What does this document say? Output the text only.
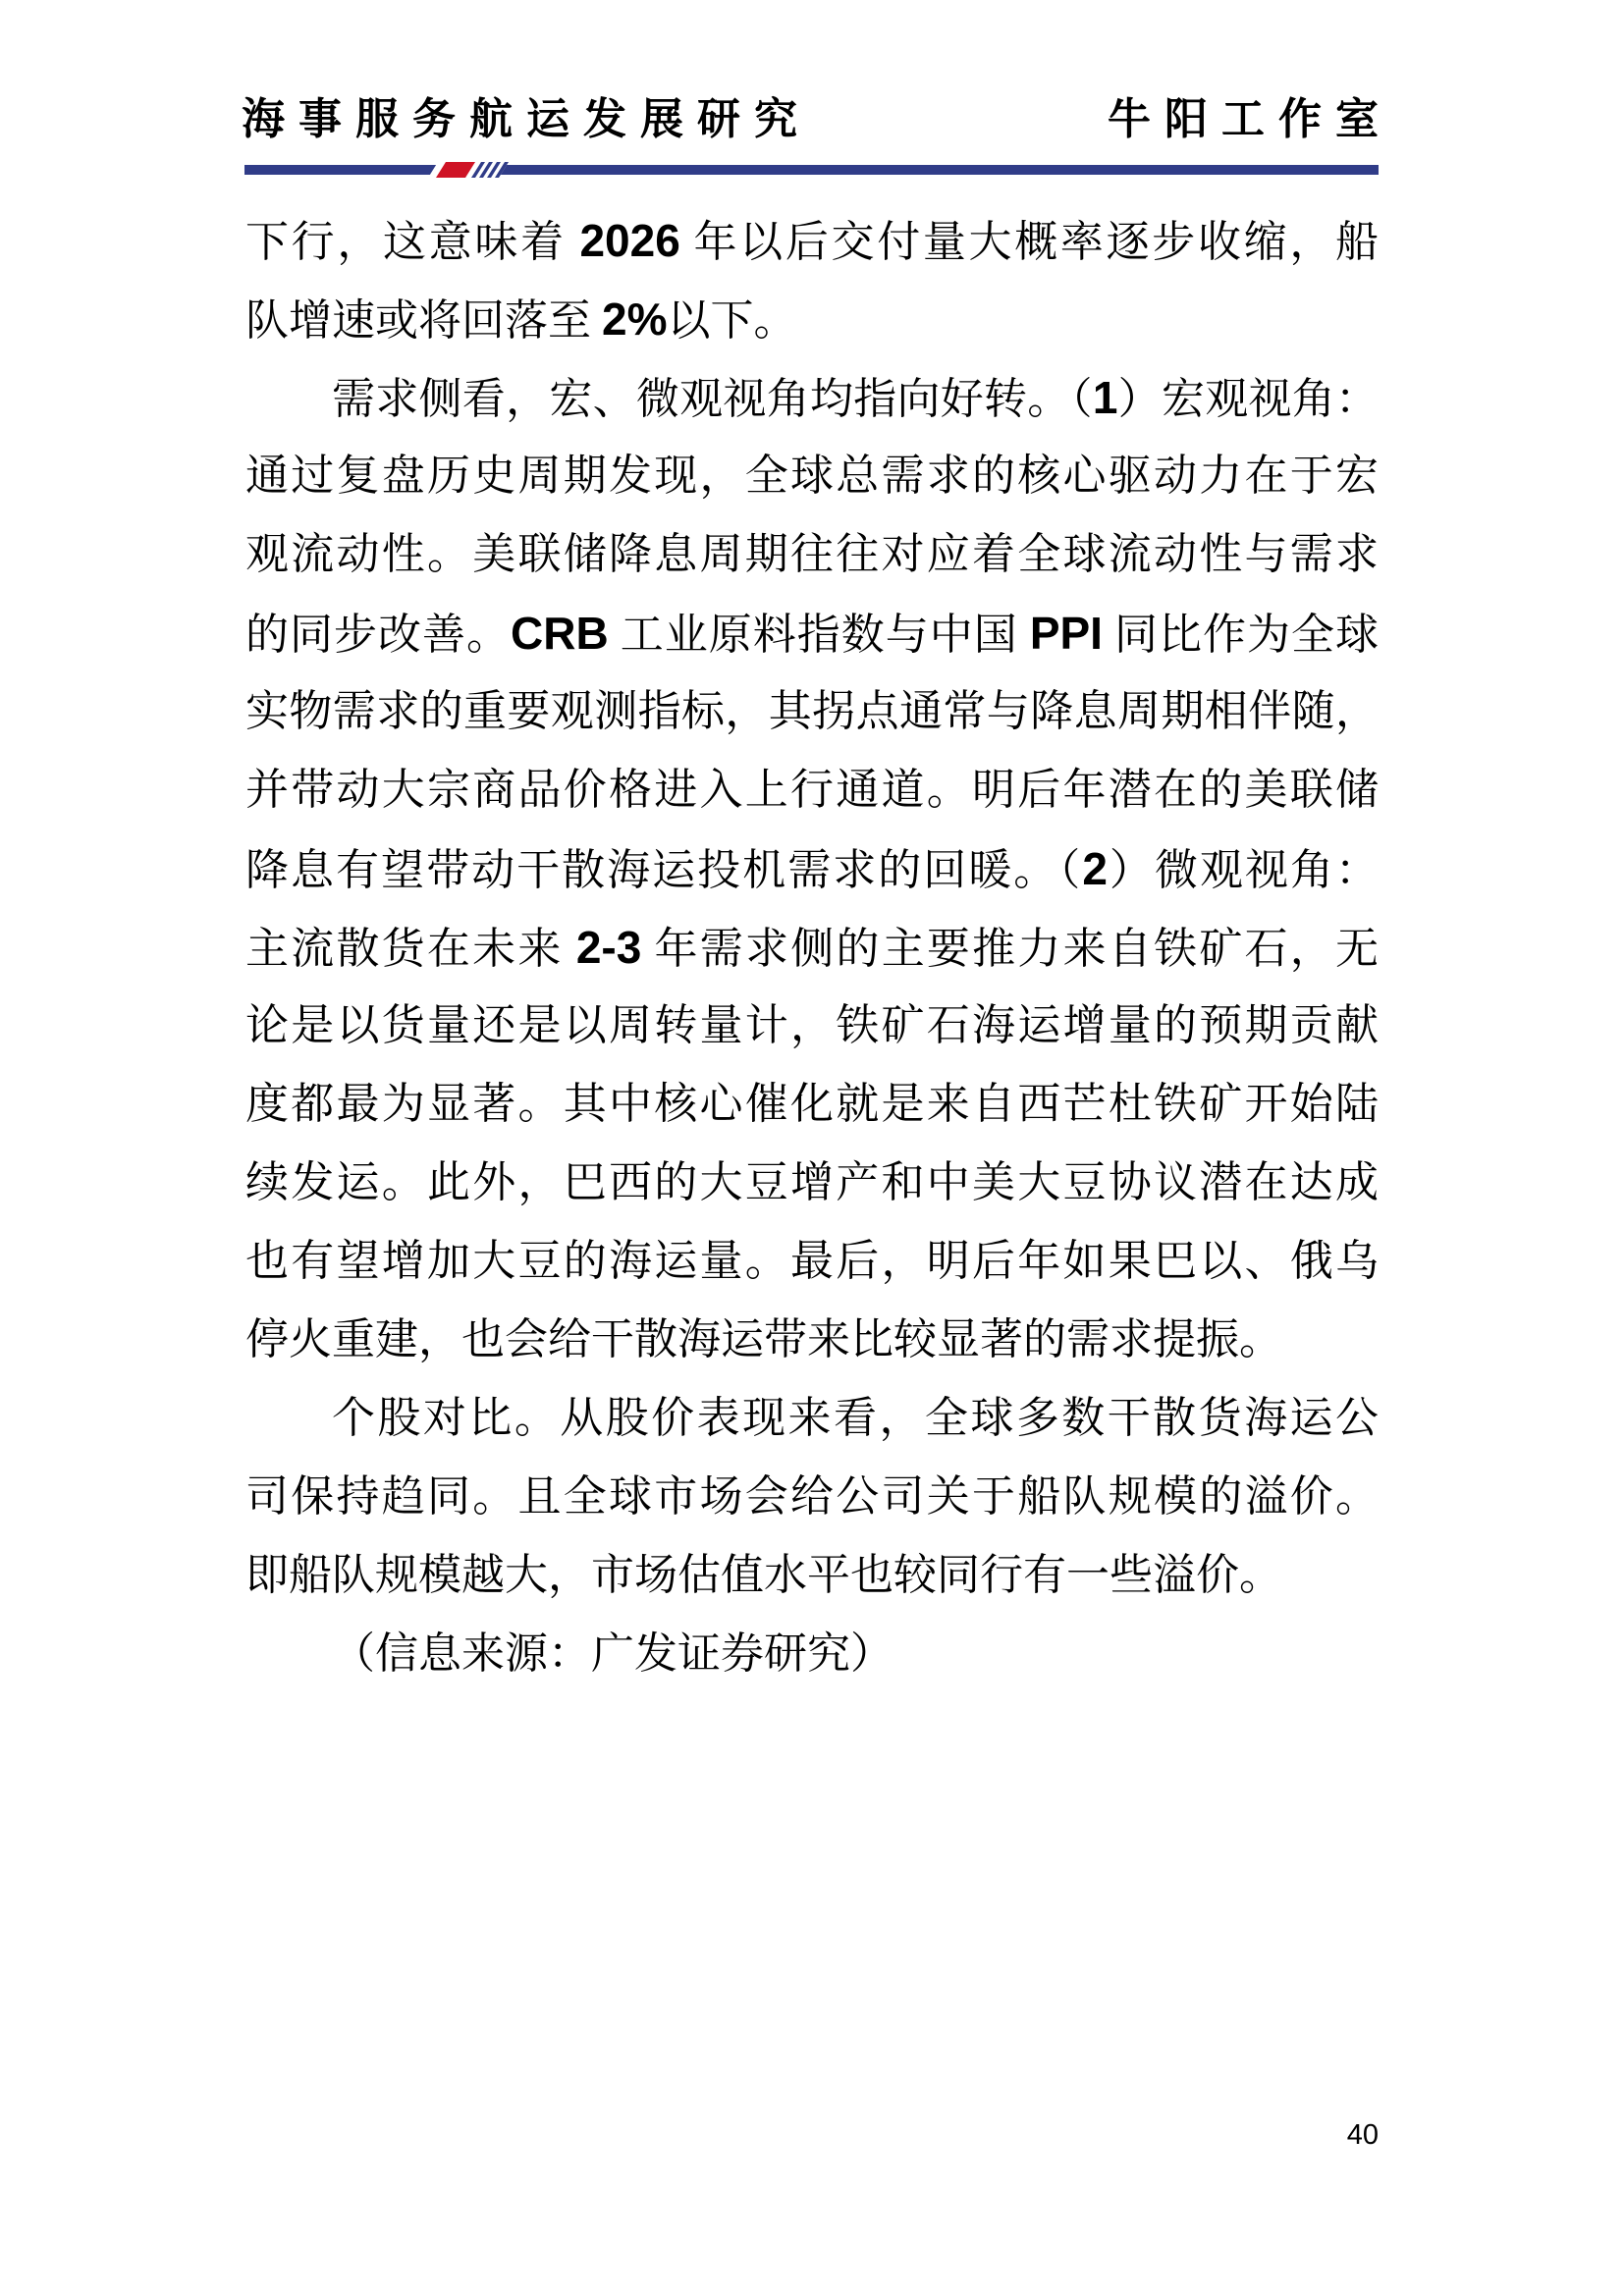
海事服务航运发展研究	牛阳工作室
下行，这意味着 2026 年以后交付量大概率逐步收缩，船
队增速或将回落至 2%以下。
需求侧看，宏、微观视角均指向好转。（1）宏观视角：
通过复盘历史周期发现，全球总需求的核心驱动力在于宏
观流动性。美联储降息周期往往对应着全球流动性与需求
的同步改善。CRB 工业原料指数与中国 PPI 同比作为全球
实物需求的重要观测指标，其拐点通常与降息周期相伴随，
并带动大宗商品价格进入上行通道。明后年潜在的美联储
降息有望带动干散海运投机需求的回暖。（2）微观视角：
主流散货在未来 2-3 年需求侧的主要推力来自铁矿石，无
论是以货量还是以周转量计，铁矿石海运增量的预期贡献
度都最为显著。其中核心催化就是来自西芒杜铁矿开始陆
续发运。此外，巴西的大豆增产和中美大豆协议潜在达成
也有望增加大豆的海运量。最后，明后年如果巴以、俄乌
停火重建，也会给干散海运带来比较显著的需求提振。
个股对比。从股价表现来看，全球多数干散货海运公
司保持趋同。且全球市场会给公司关于船队规模的溢价。
即船队规模越大，市场估值水平也较同行有一些溢价。
（信息来源：广发证券研究）
40
